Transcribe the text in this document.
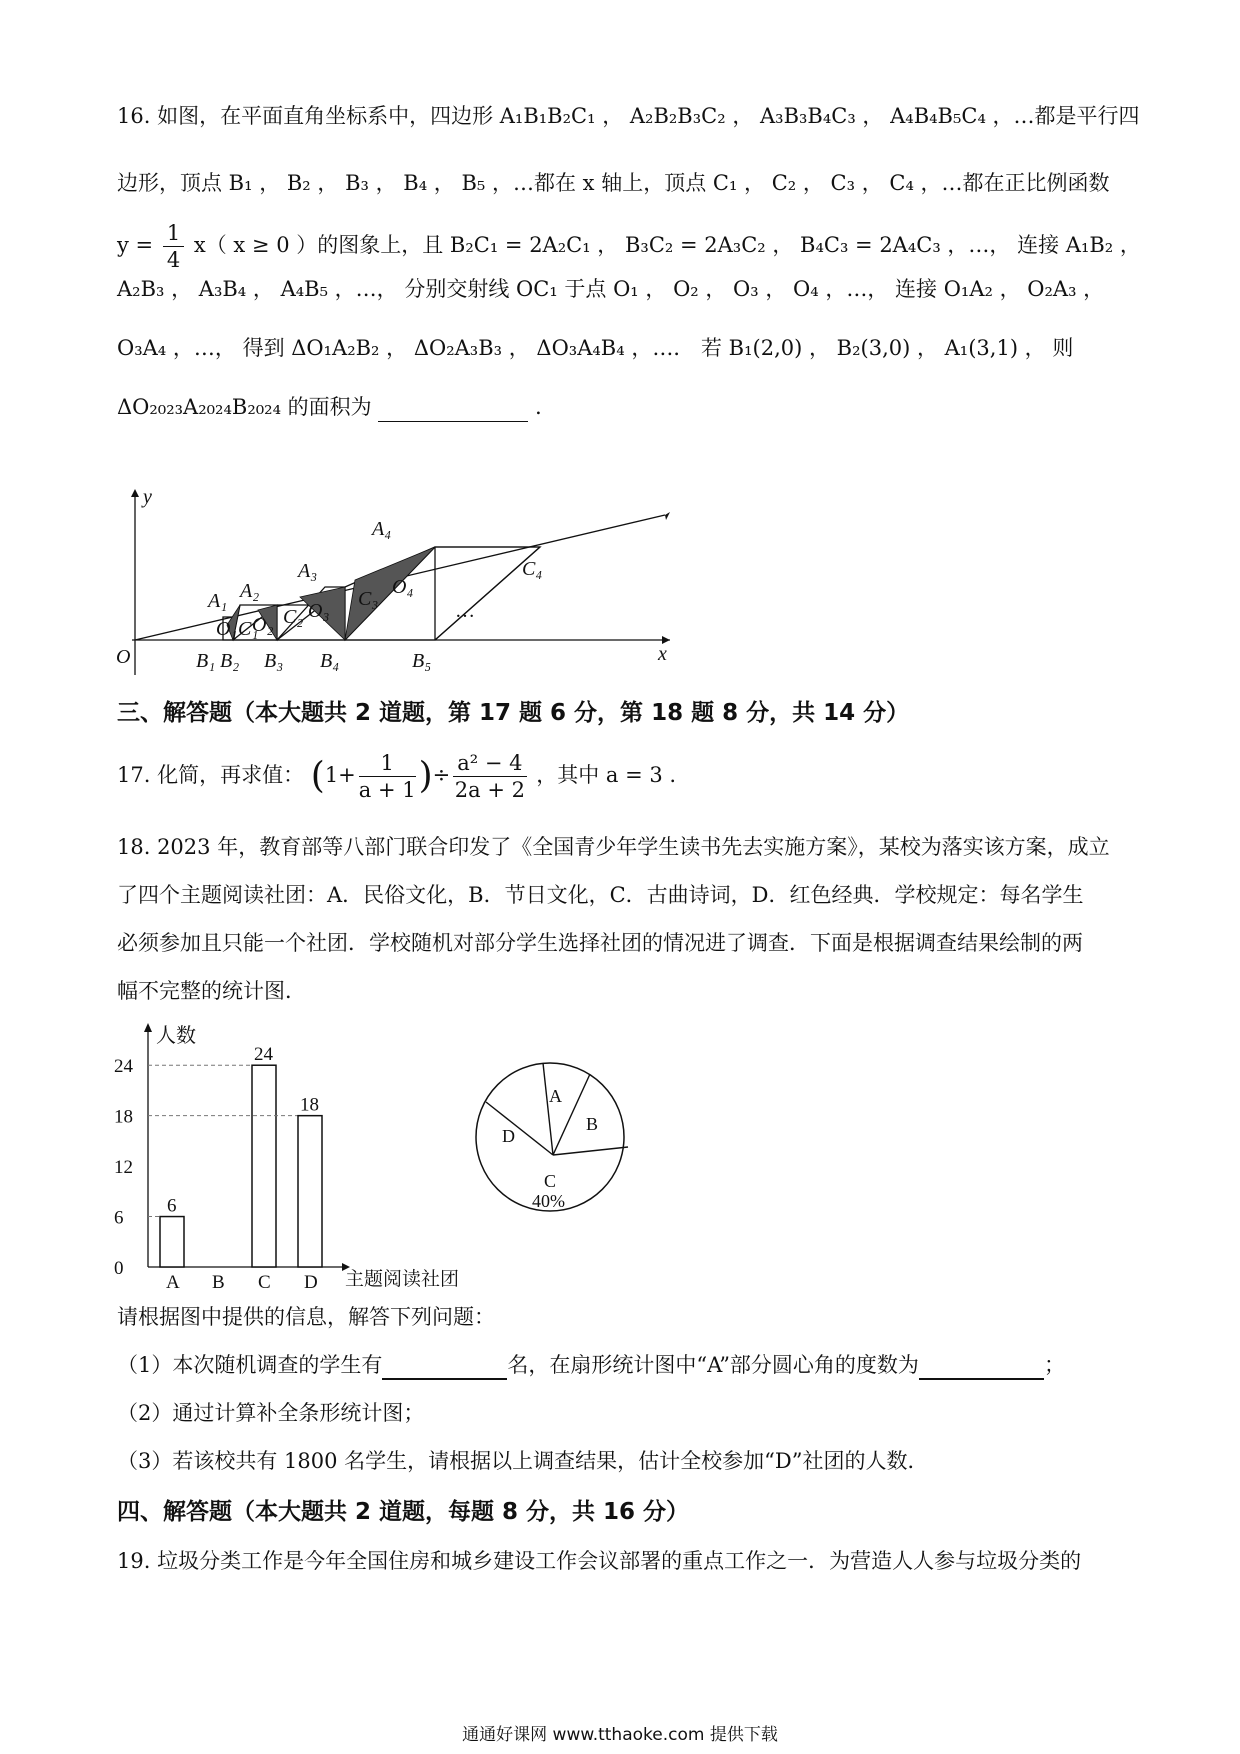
16. 如图，在平面直角坐标系中，四边形 A₁B₁B₂C₁ ， A₂B₂B₃C₂ ， A₃B₃B₄C₃ ， A₄B₄B₅C₄ ，…都是平行四
边形，顶点 B₁ ， B₂ ， B₃ ， B₄ ， B₅ ，…都在 x 轴上，顶点 C₁ ， C₂ ， C₃ ， C₄ ，…都在正比例函数
$y = \frac{1}{4} x$（ x ≥ 0 ）的图象上，且 B₂C₁ = 2A₂C₁ ， B₃C₂ = 2A₃C₂ ， B₄C₃ = 2A₄C₃ ，…， 连接 A₁B₂ ，
A₂B₃ ， A₃B₄ ， A₄B₅ ，…， 分别交射线 OC₁ 于点 O₁ ， O₂ ， O₃ ， O₄ ，…， 连接 O₁A₂ ， O₂A₃ ，
O₃A₄ ，…， 得到 ΔO₁A₂B₂ ， ΔO₂A₃B₃ ， ΔO₃A₄B₄ ，…． 若 B₁(2,0) ， B₂(3,0) ， A₁(3,1) ， 则
ΔO₂₀₂₃A₂₀₂₄B₂₀₂₄ 的面积为	．
y
x
O
A₁ A₂
A₃
A₄
B₁ B₂ B₃ B₄	B₅
C₁
C₂
C₃
C₄
O₁ O₂
O₃
O₄
…
三、解答题（本大题共 2 道题，第 17 题 6 分，第 18 题 8 分，共 14 分）
17. 化简，再求值： ($1+ \frac{1}{a + 1}$ )÷ $\frac{\text{a² − 4}}{2a + 2}$ ，其中 a = 3 .
18. 2023 年，教育部等八部门联合印发了《全国青少年学生读书先去实施方案》，某校为落实该方案，成立
了四个主题阅读社团：A．民俗文化，B．节日文化，C．古曲诗词，D．红色经典．学校规定：每名学生
必须参加且只能一个社团．学校随机对部分学生选择社团的情况进了调查．下面是根据调查结果绘制的两
幅不完整的统计图．
人数
主题阅读社团
0
6
12
18
24
A
6
B C
24
D
18	A
B
C
D
40%
请根据图中提供的信息，解答下列问题：
（1）本次随机调查的学生有	名，在扇形统计图中“A”部分圆心角的度数为	；
（2）通过计算补全条形统计图；
（3）若该校共有 1800 名学生，请根据以上调查结果，估计全校参加“D”社团的人数．
四、解答题（本大题共 2 道题，每题 8 分，共 16 分）
19. 垃圾分类工作是今年全国住房和城乡建设工作会议部署的重点工作之一．为营造人人参与垃圾分类的
通通好课网 www.tthaoke.com 提供下载
